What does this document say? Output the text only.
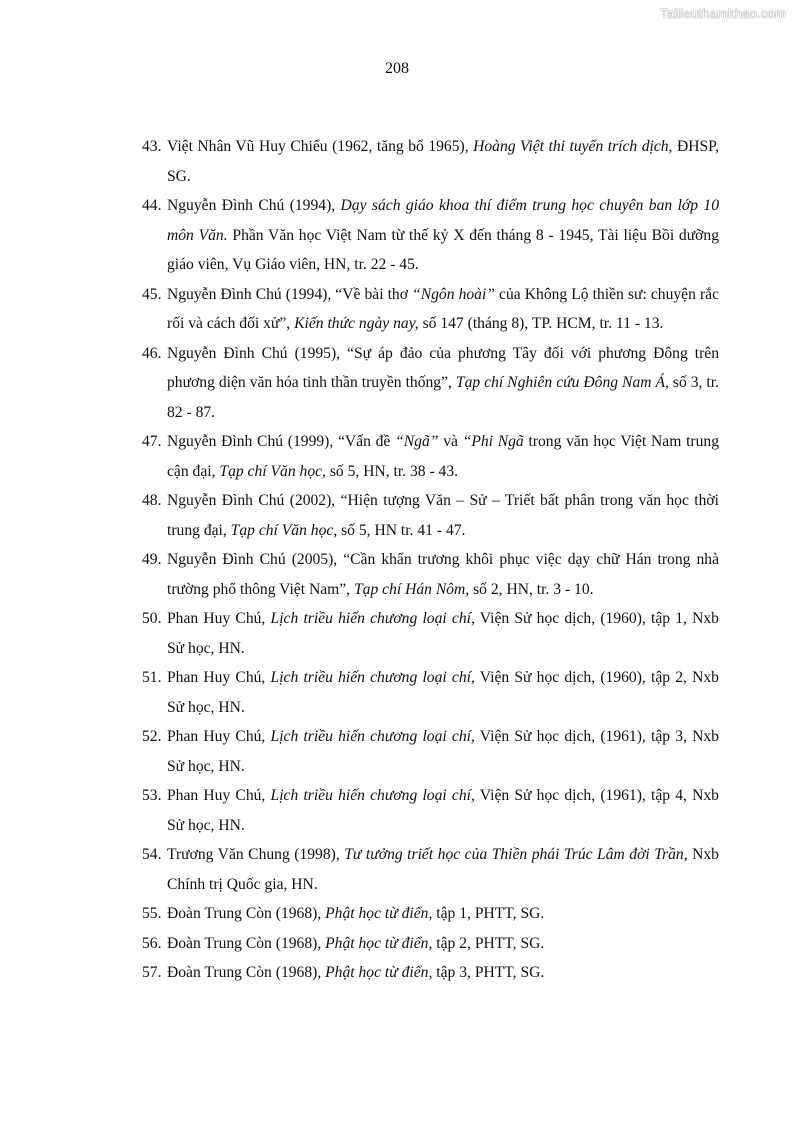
Tailieuthamkhao.com
208
43. Việt Nhân Vũ Huy Chiểu (1962, tăng bổ 1965), Hoàng Việt thi tuyển trích dịch, ĐHSP, SG.
44. Nguyễn Đình Chú (1994), Dạy sách giáo khoa thí điểm trung học chuyên ban lớp 10 môn Văn. Phần Văn học Việt Nam từ thế kỷ X đến tháng 8 - 1945, Tài liệu Bồi dưỡng giáo viên, Vụ Giáo viên, HN, tr. 22 - 45.
45. Nguyễn Đình Chú (1994), “Về bài thơ “Ngôn hoài” của Không Lộ thiền sư: chuyện rắc rối và cách đối xử”, Kiến thức ngày nay, số 147 (tháng 8), TP. HCM, tr. 11 - 13.
46. Nguyễn Đình Chú (1995), “Sự áp đảo của phương Tây đối với phương Đông trên phương diện văn hóa tinh thần truyền thống”, Tạp chí Nghiên cứu Đông Nam Á, số 3, tr. 82 - 87.
47. Nguyễn Đình Chú (1999), “Vấn đề “Ngã” và “Phi Ngã trong văn học Việt Nam trung cận đại, Tạp chí Văn học, số 5, HN, tr. 38 - 43.
48. Nguyễn Đình Chú (2002), “Hiện tượng Văn – Sử – Triết bất phân trong văn học thời trung đại, Tạp chí Văn học, số 5, HN tr. 41 - 47.
49. Nguyễn Đình Chú (2005), “Cần khẩn trương khôi phục việc dạy chữ Hán trong nhà trường phổ thông Việt Nam”, Tạp chí Hán Nôm, số 2, HN, tr. 3 - 10.
50. Phan Huy Chú, Lịch triều hiến chương loại chí, Viện Sử học dịch, (1960), tập 1, Nxb Sử học, HN.
51. Phan Huy Chú, Lịch triều hiến chương loại chí, Viện Sử học dịch, (1960), tập 2, Nxb Sử học, HN.
52. Phan Huy Chú, Lịch triều hiến chương loại chí, Viện Sử học dịch, (1961), tập 3, Nxb Sử học, HN.
53. Phan Huy Chú, Lịch triều hiến chương loại chí, Viện Sử học dịch, (1961), tập 4, Nxb Sử học, HN.
54. Trương Văn Chung (1998), Tư tưởng triết học của Thiền phái Trúc Lâm đời Trần, Nxb Chính trị Quốc gia, HN.
55. Đoàn Trung Còn (1968), Phật học từ điển, tập 1, PHTT, SG.
56. Đoàn Trung Còn (1968), Phật học từ điển, tập 2, PHTT, SG.
57. Đoàn Trung Còn (1968), Phật học từ điển, tập 3, PHTT, SG.
